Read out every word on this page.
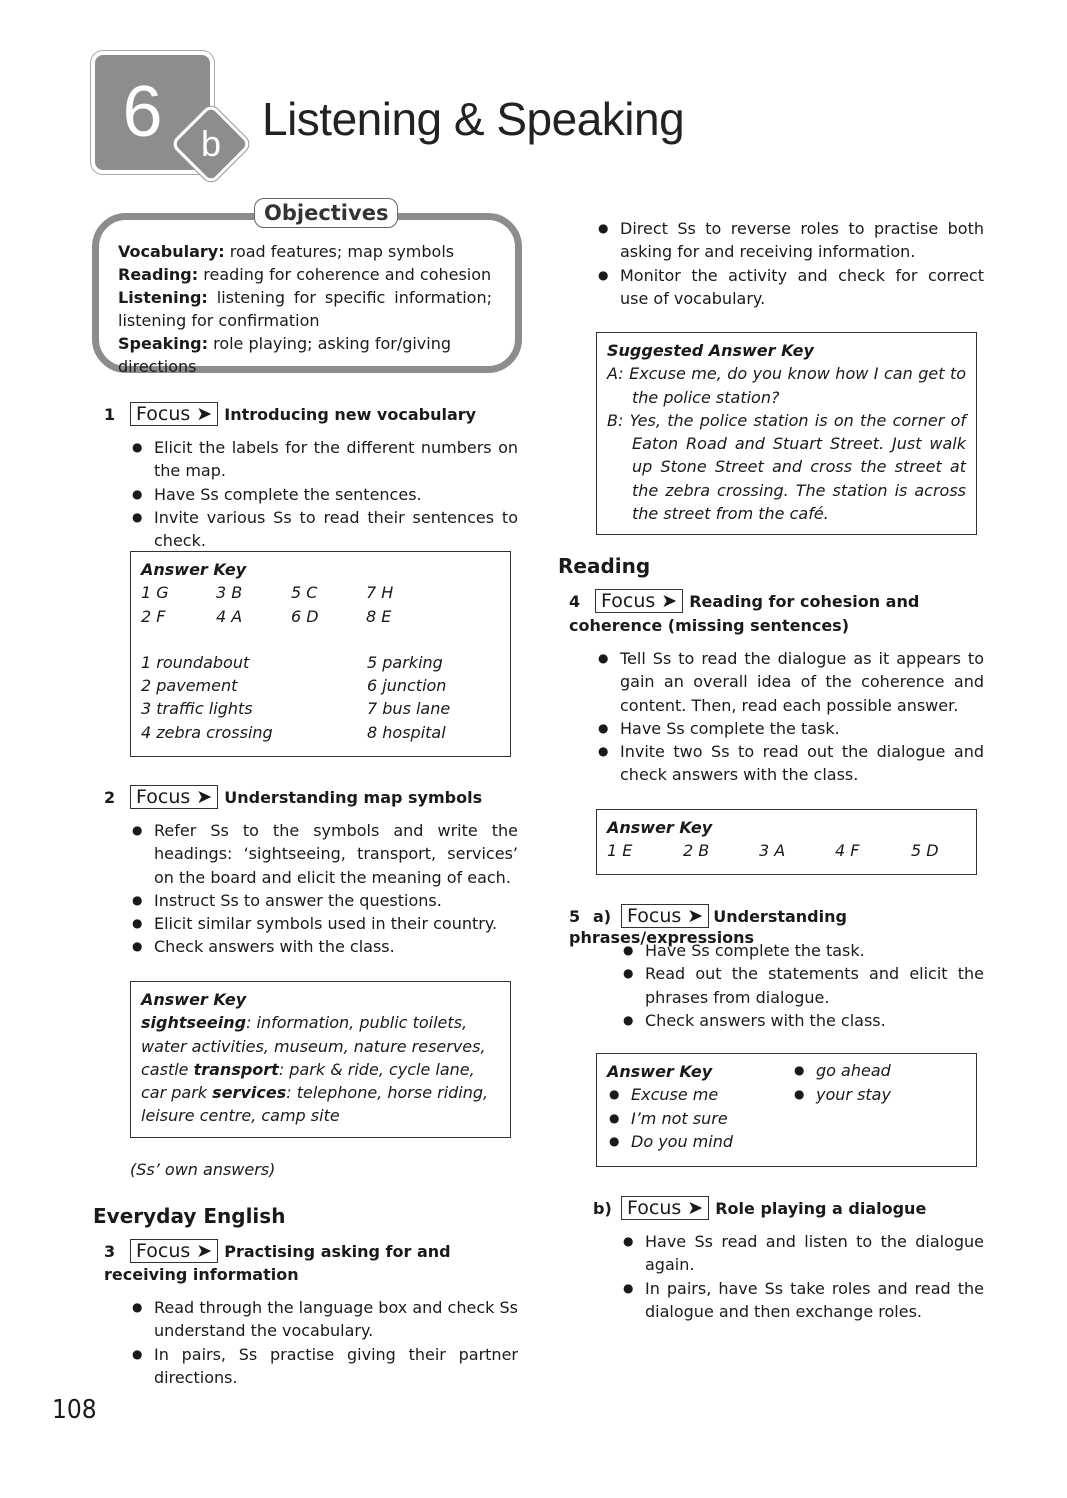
6	b Listening & Speaking
Objectives
Vocabulary: road features; map symbols
Reading: reading for coherence and cohesion
Listening: listening for specific information; listening for confirmation
Speaking: role playing; asking for/giving directions
1 Focus ➤ Introducing new vocabulary
● Elicit the labels for the different numbers on the map.
● Have Ss complete the sentences.
● Invite various Ss to read their sentences to check.
Answer Key
1 G	3 B	5 C	7 H
2 F	4 A	6 D	8 E
1 roundabout	5 parking
2 pavement	6 junction
3 traffic lights	7 bus lane
4 zebra crossing	8 hospital
2 Focus ➤ Understanding map symbols
● Refer Ss to the symbols and write the headings: ‘sightseeing, transport, services’ on the board and elicit the meaning of each.
● Instruct Ss to answer the questions.
● Elicit similar symbols used in their country.
● Check answers with the class.
Answer Key
sightseeing: information, public toilets, water activities, museum, nature reserves, castle transport: park & ride, cycle lane, car park services: telephone, horse riding, leisure centre, camp site
(Ss’ own answers)
Everyday English
3 Focus ➤ Practising asking for and receiving information
● Read through the language box and check Ss understand the vocabulary.
● In pairs, Ss practise giving their partner directions.
● Direct Ss to reverse roles to practise both asking for and receiving information.
● Monitor the activity and check for correct use of vocabulary.
Suggested Answer Key
A: Excuse me, do you know how I can get to the police station?
B: Yes, the police station is on the corner of Eaton Road and Stuart Street. Just walk up Stone Street and cross the street at the zebra crossing. The station is across the street from the café.
Reading
4 Focus ➤ Reading for cohesion and coherence (missing sentences)
● Tell Ss to read the dialogue as it appears to gain an overall idea of the coherence and content. Then, read each possible answer.
● Have Ss complete the task.
● Invite two Ss to read out the dialogue and check answers with the class.
Answer Key
1 E	2 B	3 A	4 F	5 D
5 a) Focus ➤ Understanding phrases/expressions
● Have Ss complete the task.
● Read out the statements and elicit the phrases from dialogue.
● Check answers with the class.
Answer Key
● Excuse me
● I’m not sure
● Do you mind
● go ahead
● your stay
b) Focus ➤ Role playing a dialogue
● Have Ss read and listen to the dialogue again.
● In pairs, have Ss take roles and read the dialogue and then exchange roles.
108
